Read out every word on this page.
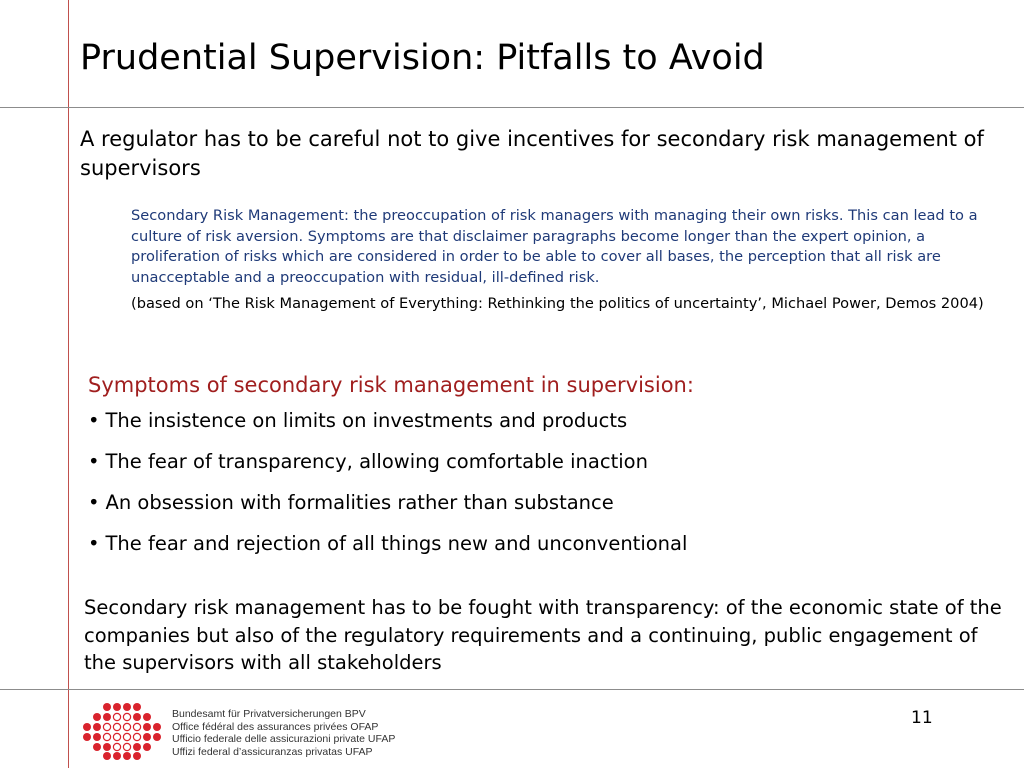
Prudential Supervision: Pitfalls to Avoid
A regulator has to be careful not to give incentives for secondary risk management of supervisors

Secondary Risk Management: the preoccupation of risk managers with managing their own risks. This can lead to a culture of risk aversion. Symptoms are that disclaimer paragraphs become longer than the expert opinion, a proliferation of risks which are considered in order to be able to cover all bases, the perception that all risk are unacceptable and a preoccupation with residual, ill-defined risk.

(based on ‘The Risk Management of Everything: Rethinking the politics of uncertainty’, Michael Power, Demos 2004)

Symptoms of secondary risk management in supervision:
• The insistence on limits on investments and products
• The fear of transparency, allowing comfortable inaction
• An obsession with formalities rather than substance
• The fear and rejection of all things new and unconventional
Secondary risk management has to be fought with transparency: of the economic state of the companies but also of the regulatory requirements and a continuing, public engagement of the supervisors with all stakeholders
Bundesamt für Privatversicherungen BPV
Office fédéral des assurances privées OFAP
Ufficio federale delle assicurazioni private UFAP
Uffizi federal d’assicuranzas privatas UFAP
11
